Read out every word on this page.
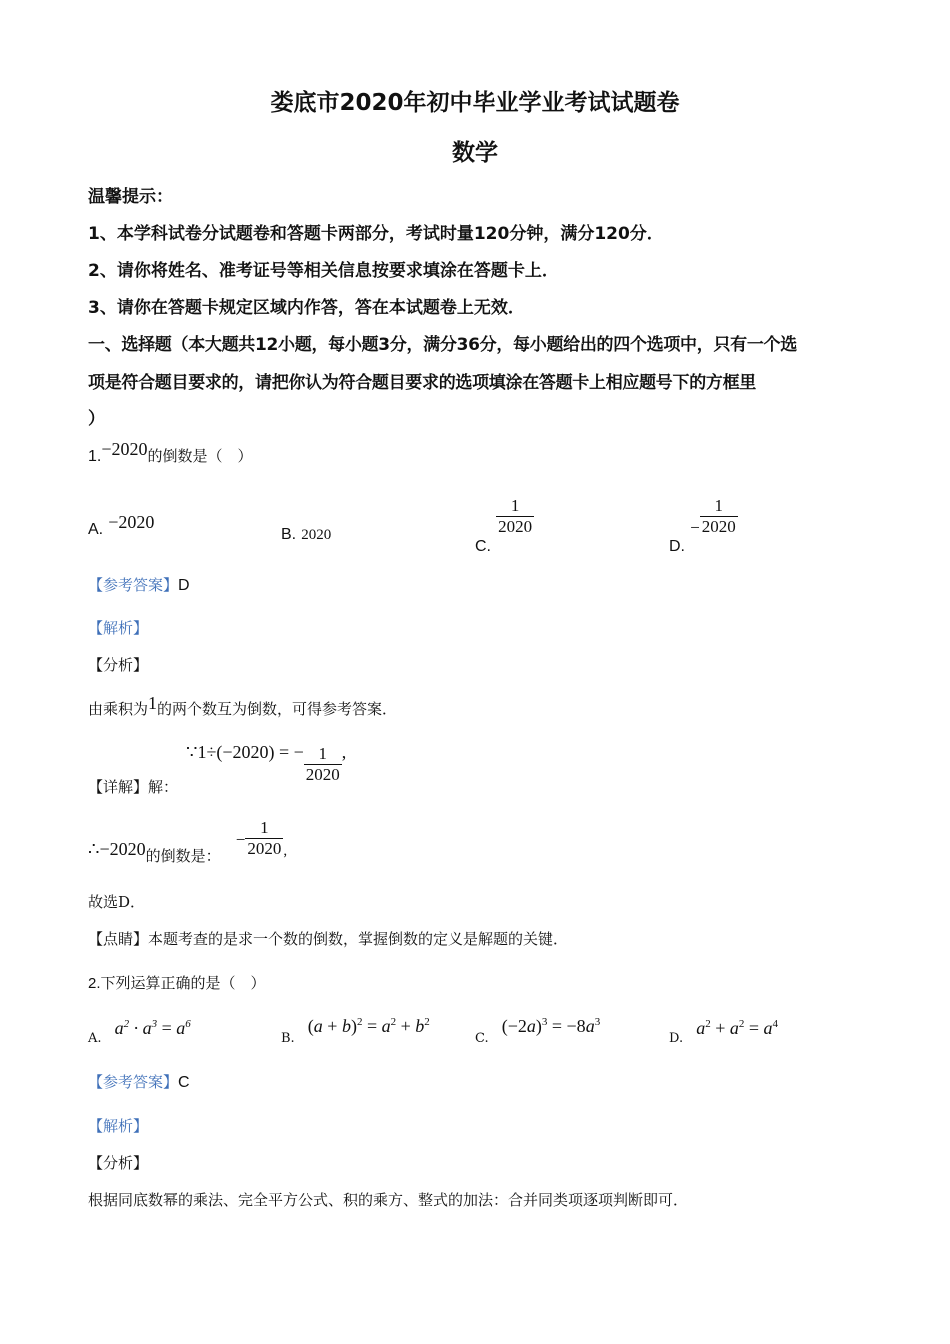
娄底市2020年初中毕业学业考试试题卷
数学
温馨提示：
1、本学科试卷分试题卷和答题卡两部分，考试时量120分钟，满分120分．
2、请你将姓名、准考证号等相关信息按要求填涂在答题卡上．
3、请你在答题卡规定区域内作答，答在本试题卷上无效．
一、选择题（本大题共12小题，每小题3分，满分36分，每小题给出的四个选项中，只有一个选
项是符合题目要求的，请把你认为符合题目要求的选项填涂在答题卡上相应题号下的方框里
）
1.−2020的倒数是（　）
A. −2020
B. 2020
C.
$\frac{1}{2020}$
D. − $\frac{1}{2020}$
【参考答案】D
【解析】
【分析】
由乘积为1的两个数互为倒数，可得参考答案．
【详解】解：
∵1÷(−2020) = − $\frac{1}{2020}$ ,
∴−2020的倒数是： − $\frac{1}{2020}$ ,
故选D．
【点睛】本题考查的是求一个数的倒数，掌握倒数的定义是解题的关键．
2.下列运算正确的是（　）
$_{A.}$ $a^2 \cdot a^3 = a^6$
$_{B.}$ $(a + b)^2 = a^2 + b^2$
$_{C.}$ $(-2a)^3 = -8a^3$
$_{D.}$ $a^2 + a^2 = a^4$
【参考答案】C
【解析】
【分析】
根据同底数幂的乘法、完全平方公式、积的乘方、整式的加法：合并同类项逐项判断即可．
